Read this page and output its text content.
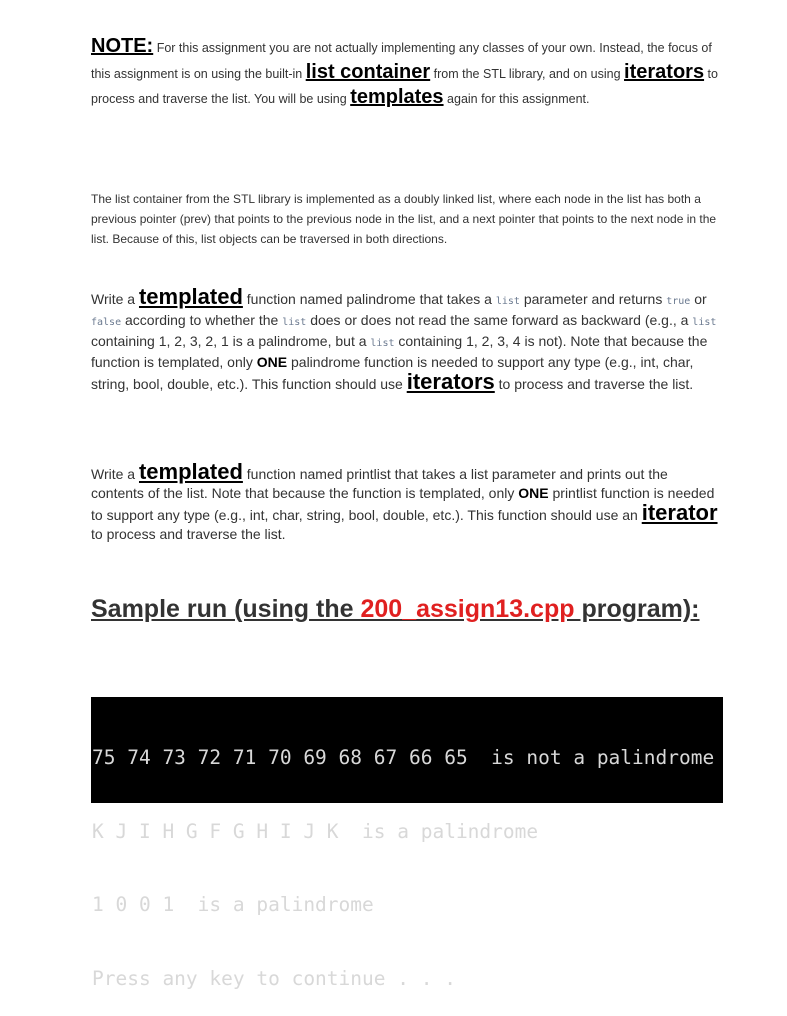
NOTE: For this assignment you are not actually implementing any classes of your own. Instead, the focus of this assignment is on using the built-in list container from the STL library, and on using iterators to process and traverse the list. You will be using templates again for this assignment.

The list container from the STL library is implemented as a doubly linked list, where each node in the list has both a previous pointer (prev) that points to the previous node in the list, and a next pointer that points to the next node in the list. Because of this, list objects can be traversed in both directions.

Write a templated function named palindrome that takes a list parameter and returns true or false according to whether the list does or does not read the same forward as backward (e.g., a list containing 1, 2, 3, 2, 1 is a palindrome, but a list containing 1, 2, 3, 4 is not). Note that because the function is templated, only ONE palindrome function is needed to support any type (e.g., int, char, string, bool, double, etc.). This function should use iterators to process and traverse the list.

Write a templated function named printlist that takes a list parameter and prints out the contents of the list. Note that because the function is templated, only ONE printlist function is needed to support any type (e.g., int, char, string, bool, double, etc.). This function should use an iterator to process and traverse the list.

Sample run (using the 200_assign13.cpp program):

75 74 73 72 71 70 69 68 67 66 65  is not a palindrome

K J I H G F G H I J K  is a palindrome

1 0 0 1  is a palindrome

Press any key to continue . . .
